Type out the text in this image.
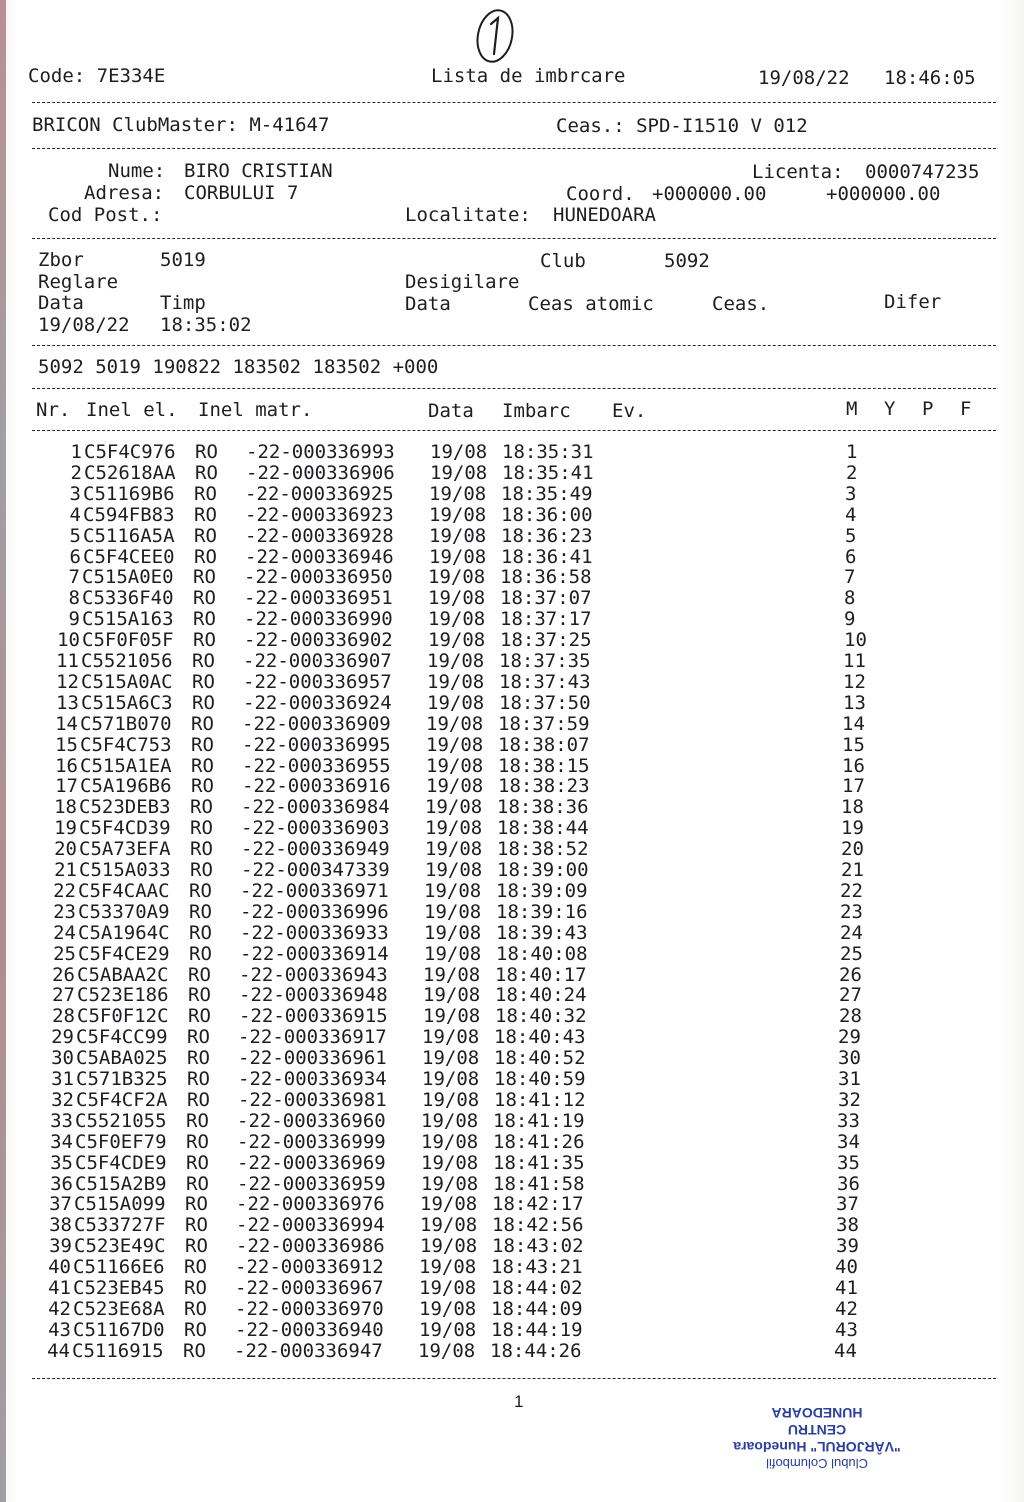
Code: 7E334E	Lista de imbrcare	19/08/22 18:46:05
BRICON ClubMaster: M-41647	Ceas.: SPD-I1510 V 012
Nume: BIRO CRISTIAN	Licenta: 0000747235
Adresa: CORBULUI 7	Coord. +000000.00	+000000.00
Cod Post.:	Localitate: HUNEDOARA
Zbor	5019	Club	5092
Reglare	Desigilare
Data	Timp	Data	Ceas atomic	Ceas.	Difer
19/08/22 18:35:02
5092 5019 190822 183502 183502 +000
Nr. Inel el. Inel matr.	Data Imbarc Ev.	M Y P F
1 C5F4C976 RO -22-000336993 19/08 18:35:31	1
2 C52618AA RO -22-000336906 19/08 18:35:41	2
3 C51169B6 RO -22-000336925 19/08 18:35:49	3
4 C594FB83 RO -22-000336923 19/08 18:36:00	4
5 C5116A5A RO -22-000336928 19/08 18:36:23	5
6 C5F4CEE0 RO -22-000336946 19/08 18:36:41	6
7 C515A0E0 RO -22-000336950 19/08 18:36:58	7
8 C5336F40 RO -22-000336951 19/08 18:37:07	8
9 C515A163 RO -22-000336990 19/08 18:37:17	9
10 C5F0F05F RO -22-000336902 19/08 18:37:25	10
11 C5521056 RO -22-000336907 19/08 18:37:35	11
12 C515A0AC RO -22-000336957 19/08 18:37:43	12
13 C515A6C3 RO -22-000336924 19/08 18:37:50	13
14 C571B070 RO -22-000336909 19/08 18:37:59	14
15 C5F4C753 RO -22-000336995 19/08 18:38:07	15
16 C515A1EA RO -22-000336955 19/08 18:38:15	16
17 C5A196B6 RO -22-000336916 19/08 18:38:23	17
18 C523DEB3 RO -22-000336984 19/08 18:38:36	18
19 C5F4CD39 RO -22-000336903 19/08 18:38:44	19
20 C5A73EFA RO -22-000336949 19/08 18:38:52	20
21 C515A033 RO -22-000347339 19/08 18:39:00	21
22 C5F4CAAC RO -22-000336971 19/08 18:39:09	22
23 C53370A9 RO -22-000336996 19/08 18:39:16	23
24 C5A1964C RO -22-000336933 19/08 18:39:43	24
25 C5F4CE29 RO -22-000336914 19/08 18:40:08	25
26 C5ABAA2C RO -22-000336943 19/08 18:40:17	26
27 C523E186 RO -22-000336948 19/08 18:40:24	27
28 C5F0F12C RO -22-000336915 19/08 18:40:32	28
29 C5F4CC99 RO -22-000336917 19/08 18:40:43	29
30 C5ABA025 RO -22-000336961 19/08 18:40:52	30
31 C571B325 RO -22-000336934 19/08 18:40:59	31
32 C5F4CF2A RO -22-000336981 19/08 18:41:12	32
33 C5521055 RO -22-000336960 19/08 18:41:19	33
34 C5F0EF79 RO -22-000336999 19/08 18:41:26	34
35 C5F4CDE9 RO -22-000336969 19/08 18:41:35	35
36 C515A2B9 RO -22-000336959 19/08 18:41:58	36
37 C515A099 RO -22-000336976 19/08 18:42:17	37
38 C533727F RO -22-000336994 19/08 18:42:56	38
39 C523E49C RO -22-000336986 19/08 18:43:02	39
40 C51166E6 RO -22-000336912 19/08 18:43:21	40
41 C523EB45 RO -22-000336967 19/08 18:44:02	41
42 C523E68A RO -22-000336970 19/08 18:44:09	42
43 C51167D0 RO -22-000336940 19/08 18:44:19	43
44 C5116915 RO -22-000336947 19/08 18:44:26	44
1
Clubul Columbofil
"VÂRJORUL" Hunedoara
CENTRU
HUNEDOARA
